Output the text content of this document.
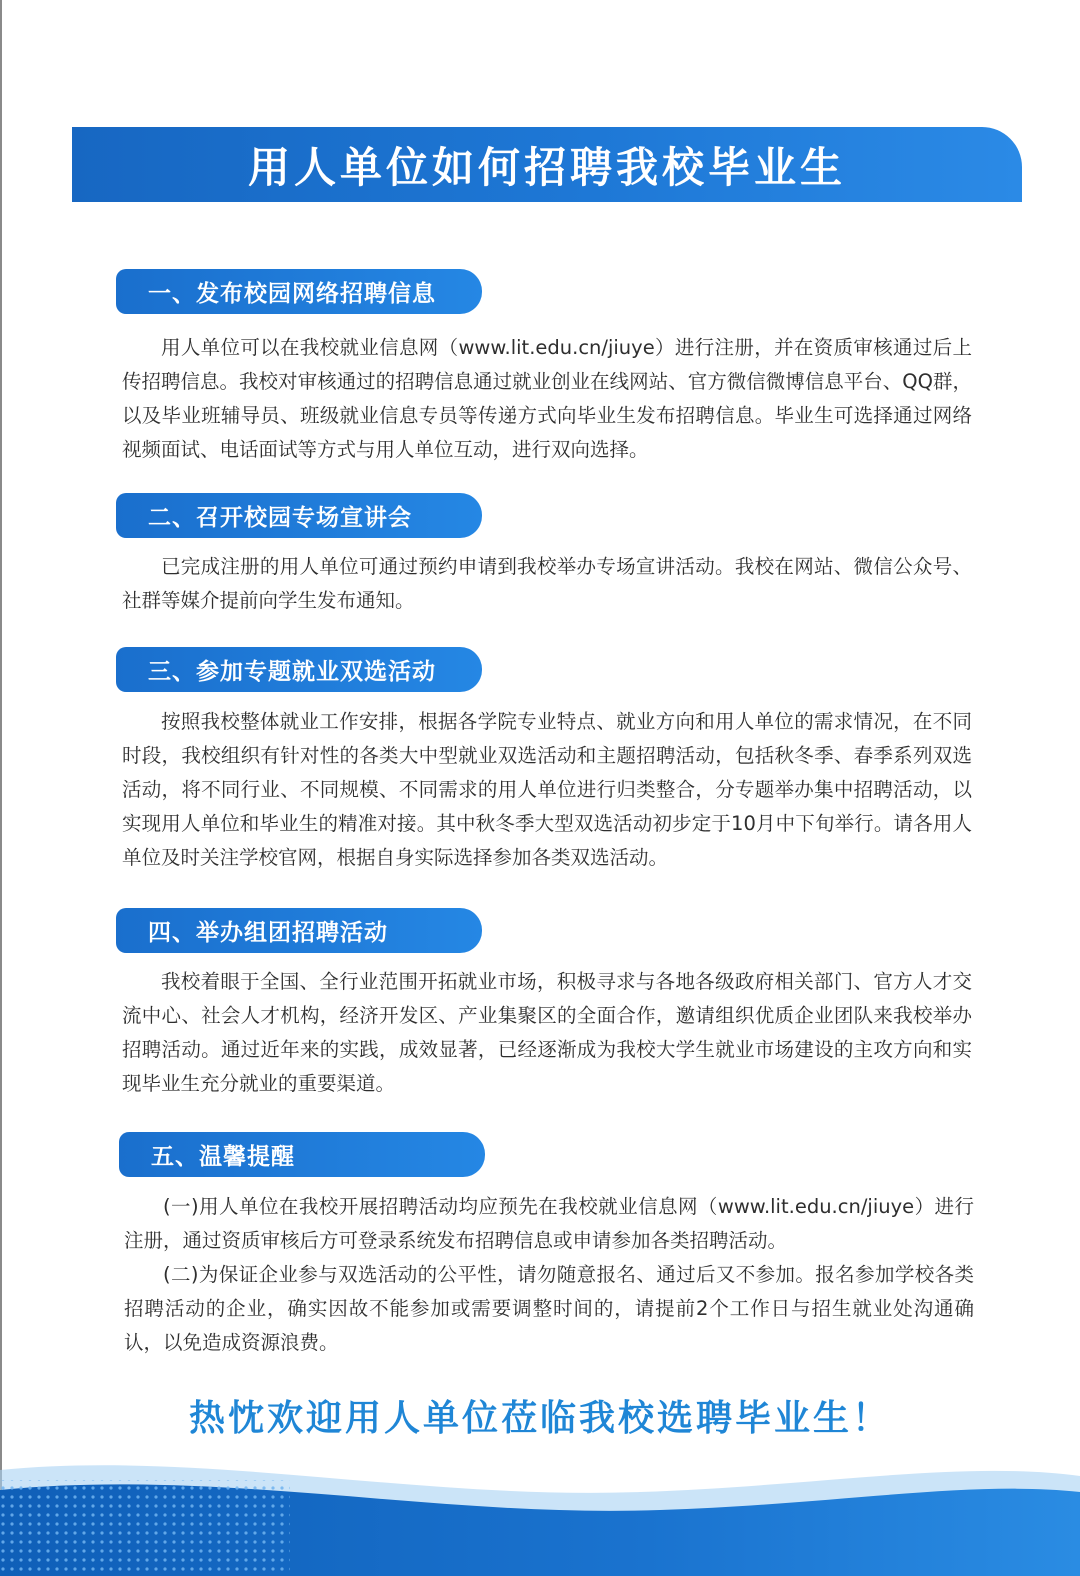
用人单位如何招聘我校毕业生
一、发布校园网络招聘信息

用人单位可以在我校就业信息网（www.lit.edu.cn/jiuye）进行注册，并在资质审核通过后上传招聘信息。我校对审核通过的招聘信息通过就业创业在线网站、官方微信微博信息平台、QQ群，以及毕业班辅导员、班级就业信息专员等传递方式向毕业生发布招聘信息。毕业生可选择通过网络视频面试、电话面试等方式与用人单位互动，进行双向选择。

二、召开校园专场宣讲会

已完成注册的用人单位可通过预约申请到我校举办专场宣讲活动。我校在网站、微信公众号、社群等媒介提前向学生发布通知。

三、参加专题就业双选活动

按照我校整体就业工作安排，根据各学院专业特点、就业方向和用人单位的需求情况，在不同时段，我校组织有针对性的各类大中型就业双选活动和主题招聘活动，包括秋冬季、春季系列双选活动，将不同行业、不同规模、不同需求的用人单位进行归类整合，分专题举办集中招聘活动，以实现用人单位和毕业生的精准对接。其中秋冬季大型双选活动初步定于10月中下旬举行。请各用人单位及时关注学校官网，根据自身实际选择参加各类双选活动。

四、举办组团招聘活动

我校着眼于全国、全行业范围开拓就业市场，积极寻求与各地各级政府相关部门、官方人才交流中心、社会人才机构，经济开发区、产业集聚区的全面合作，邀请组织优质企业团队来我校举办招聘活动。通过近年来的实践，成效显著，已经逐渐成为我校大学生就业市场建设的主攻方向和实现毕业生充分就业的重要渠道。

五、温馨提醒

(一)用人单位在我校开展招聘活动均应预先在我校就业信息网（www.lit.edu.cn/jiuye）进行注册，通过资质审核后方可登录系统发布招聘信息或申请参加各类招聘活动。

(二)为保证企业参与双选活动的公平性，请勿随意报名、通过后又不参加。报名参加学校各类招聘活动的企业，确实因故不能参加或需要调整时间的，请提前2个工作日与招生就业处沟通确认，以免造成资源浪费。

热忱欢迎用人单位莅临我校选聘毕业生！
